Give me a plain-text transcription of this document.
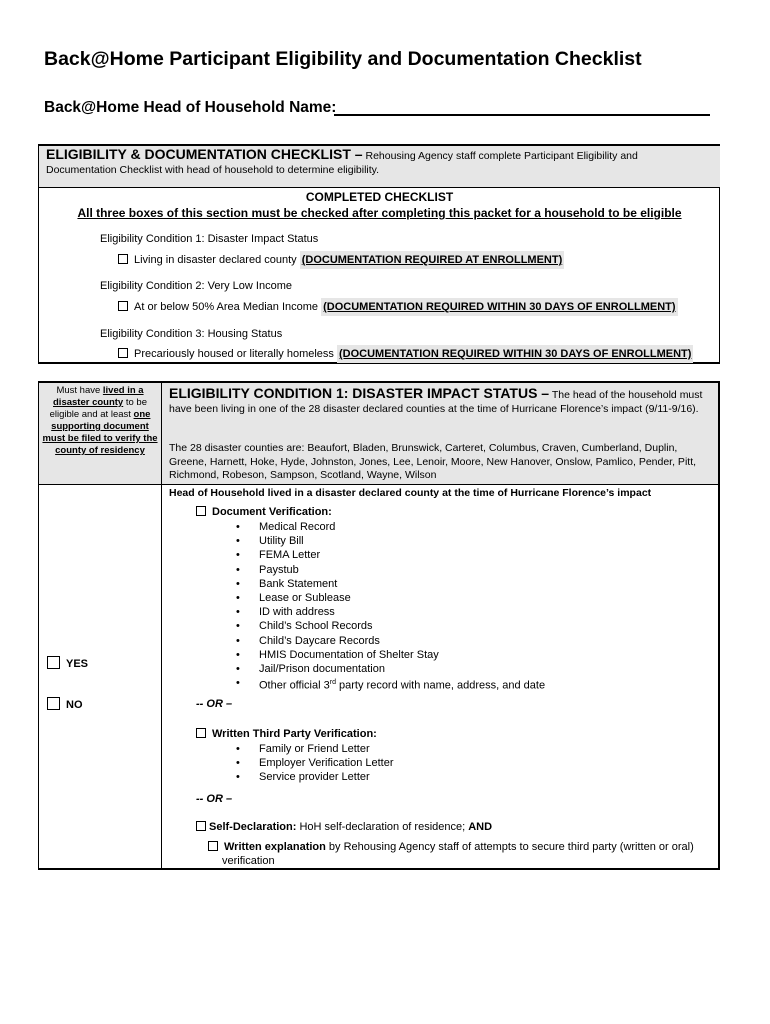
Back@Home Participant Eligibility and Documentation Checklist
Back@Home Head of Household Name:
ELIGIBILITY & DOCUMENTATION CHECKLIST – Rehousing Agency staff complete Participant Eligibility and Documentation Checklist with head of household to determine eligibility.
COMPLETED CHECKLIST
All three boxes of this section must be checked after completing this packet for a household to be eligible
Eligibility Condition 1: Disaster Impact Status
Living in disaster declared county (DOCUMENTATION REQUIRED AT ENROLLMENT)
Eligibility Condition 2: Very Low Income
At or below 50% Area Median Income (DOCUMENTATION REQUIRED WITHIN 30 DAYS OF ENROLLMENT)
Eligibility Condition 3: Housing Status
Precariously housed or literally homeless (DOCUMENTATION REQUIRED WITHIN 30 DAYS OF ENROLLMENT)
Must have lived in a disaster county to be eligible and at least one supporting document must be filed to verify the county of residency
ELIGIBILITY CONDITION 1: DISASTER IMPACT STATUS – The head of the household must have been living in one of the 28 disaster declared counties at the time of Hurricane Florence’s impact (9/11-9/16).
The 28 disaster counties are: Beaufort, Bladen, Brunswick, Carteret, Columbus, Craven, Cumberland, Duplin, Greene, Harnett, Hoke, Hyde, Johnston, Jones, Lee, Lenoir, Moore, New Hanover, Onslow, Pamlico, Pender, Pitt, Richmond, Robeson, Sampson, Scotland, Wayne, Wilson
Head of Household lived in a disaster declared county at the time of Hurricane Florence’s impact
YES
NO
Document Verification:
• Medical Record
• Utility Bill
• FEMA Letter
• Paystub
• Bank Statement
• Lease or Sublease
• ID with address
• Child’s School Records
• Child’s Daycare Records
• HMIS Documentation of Shelter Stay
• Jail/Prison documentation
• Other official 3rd party record with name, address, and date
-- OR –
Written Third Party Verification:
• Family or Friend Letter
• Employer Verification Letter
• Service provider Letter
-- OR –
Self-Declaration: HoH self-declaration of residence; AND
Written explanation by Rehousing Agency staff of attempts to secure third party (written or oral) verification
